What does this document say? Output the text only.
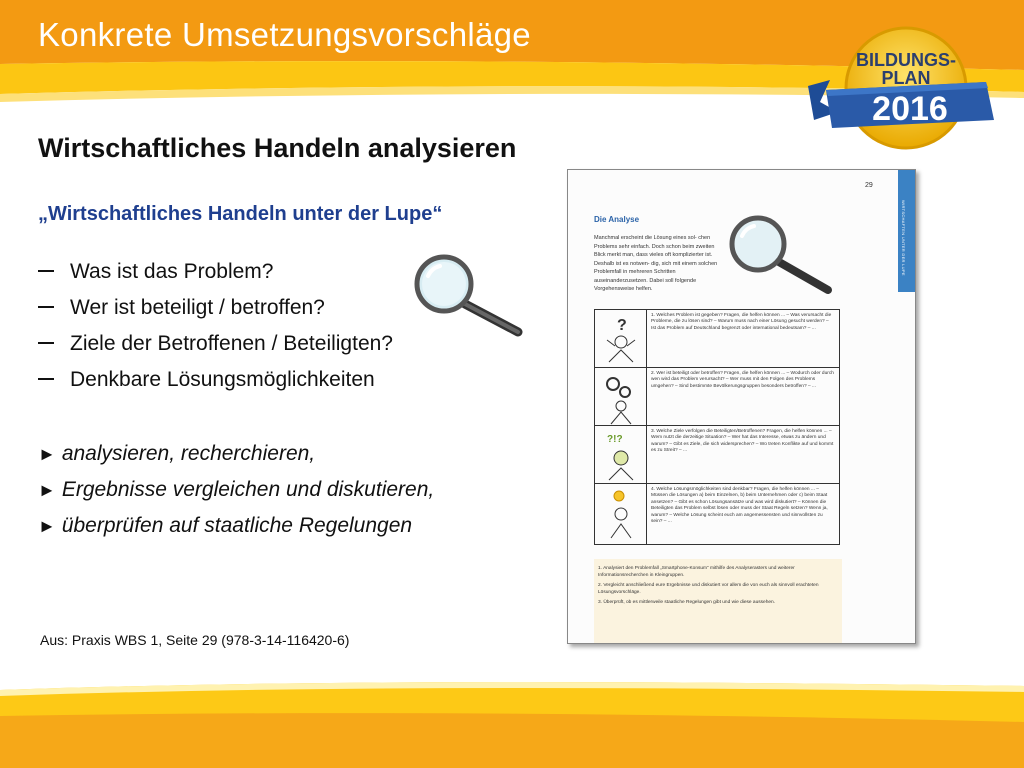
Konkrete Umsetzungsvorschläge
BILDUNGS-
PLAN
2016
Wirtschaftliches Handeln analysieren
„Wirtschaftliches Handeln unter der Lupe“
Was ist das Problem?
Wer ist beteiligt / betroffen?
Ziele der Betroffenen / Beteiligten?
Denkbare Lösungsmöglichkeiten
► analysieren, recherchieren,
► Ergebnisse vergleichen und diskutieren,
► überprüfen auf staatliche Regelungen
Aus: Praxis WBS 1, Seite 29 (978-3-14-116420-6)
29
WIRTSCHAFTEN UNTER DER LUPE
Die Analyse
Manchmal erscheint die Lösung eines sol- chen Problems sehr einfach. Doch schon beim zweiten Blick merkt man, dass vieles oft komplizierter ist. Deshalb ist es notwen- dig, sich mit einem solchen Problemfall in mehreren Schritten auseinanderzusetzen. Dabei soll folgende Vorgehensweise helfen.
?
1. Welches Problem ist gegeben? Fragen, die helfen können ... – Was verursacht die Probleme, die zu lösen sind? – Warum muss nach einer Lösung gesucht werden? – Ist das Problem auf Deutschland begrenzt oder international bedeutsam? – ...
2. Wer ist beteiligt oder betroffen? Fragen, die helfen können ... – Wodurch oder durch wen wird das Problem verursacht? – Wer muss mit den Folgen des Problems umgehen? – Sind bestimmte Bevölkerungsgruppen besonders betroffen? – ...
?!?
3. Welche Ziele verfolgen die Beteiligten/Betroffenen? Fragen, die helfen können ... – Wem nutzt die derzeitige Situation? – Wer hat das Interesse, etwas zu ändern und warum? – Gibt es Ziele, die sich widersprechen? – Wo treten Konflikte auf und kommt es zu Streit? – ...
4. Welche Lösungsmöglichkeiten sind denkbar? Fragen, die helfen können ... – Müssen die Lösungen a) beim Einzelnen, b) beim Unternehmen oder c) beim Staat ansetzen? – Gibt es schon Lösungsansätze und was wird diskutiert? – Können die Beteiligten das Problem selbst lösen oder muss der Staat Regeln setzen? Wenn ja, warum? – Welche Lösung scheint euch am angemessensten und sinnvollsten zu sein? – ...
1. Analysiert den Problemfall „Smartphone-Konsum“ mithilfe des Analyserasters und weiterer Informationsrecherchen in Kleingruppen.
2. Vergleicht anschließend eure Ergebnisse und diskutiert vor allem die von euch als sinnvoll erachteten Lösungsvorschläge.
3. Überprüft, ob es mittlerweile staatliche Regelungen gibt und wie diese aussehen.
